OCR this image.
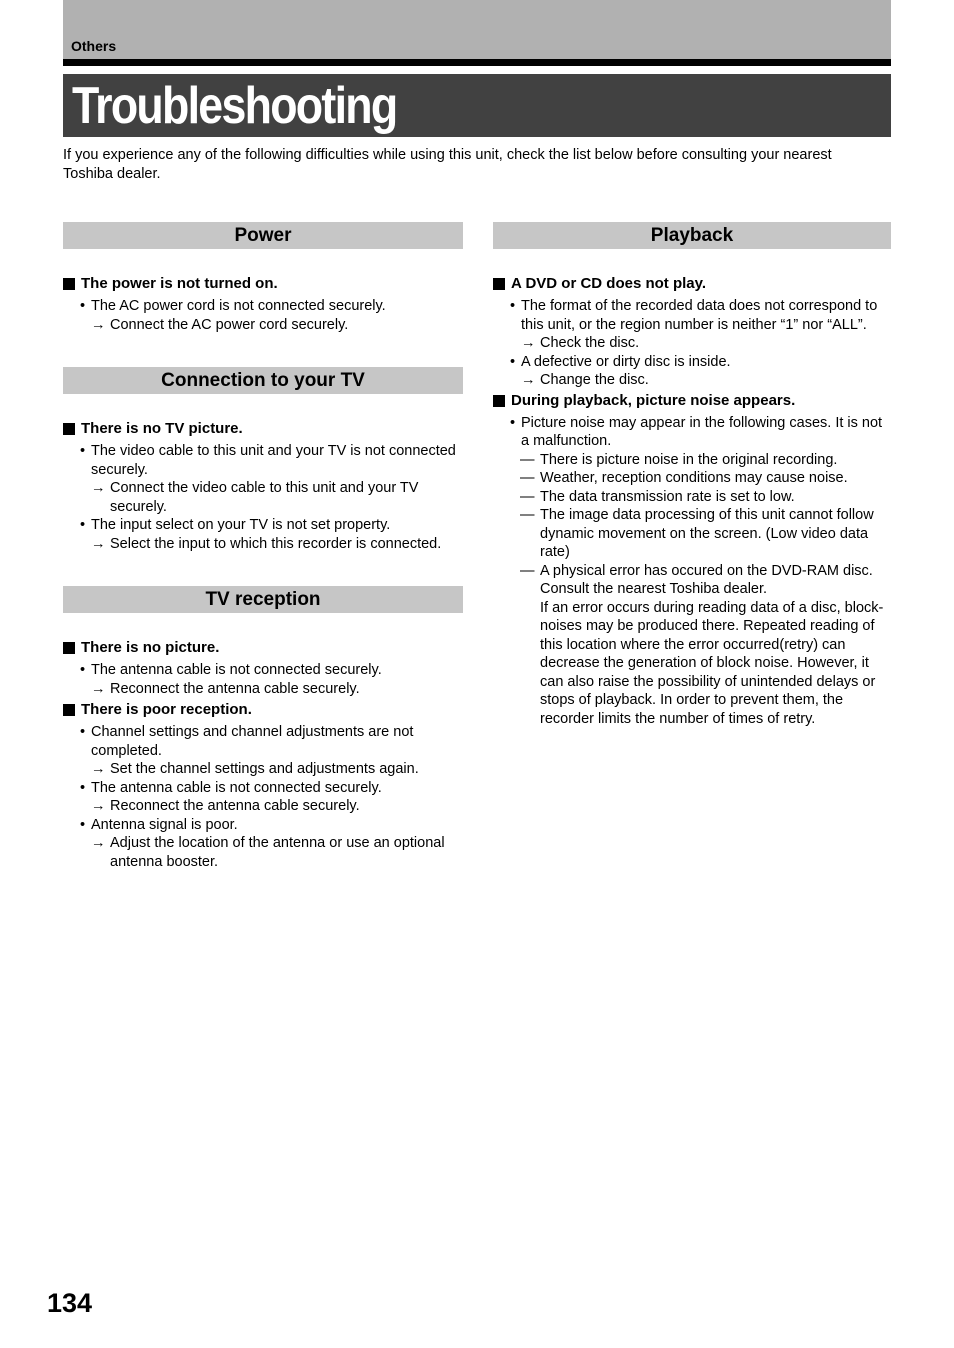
Others
Troubleshooting

If you experience any of the following difficulties while using this unit, check the list below before consulting your nearest Toshiba dealer.

Power

The power is not turned on.

• The AC power cord is not connected securely.

→ Connect the AC power cord securely.

Connection to your TV

There is no TV picture.

• The video cable to this unit and your TV is not connected securely.

→ Connect the video cable to this unit and your TV securely.

• The input select on your TV is not set property.

→ Select the input to which this recorder is connected.

TV reception

There is no picture.

• The antenna cable is not connected securely.

→ Reconnect the antenna cable securely.

There is poor reception.

• Channel settings and channel adjustments are not completed.

→ Set the channel settings and adjustments again.

• The antenna cable is not connected securely.

→ Reconnect the antenna cable securely.

• Antenna signal is poor.

→ Adjust the location of the antenna or use an optional antenna booster.

Playback

A DVD or CD does not play.

• The format of the recorded data does not correspond to this unit, or the region number is neither “1” nor “ALL”.

→ Check the disc.

• A defective or dirty disc is inside.

→ Change the disc.

During playback, picture noise appears.

• Picture noise may appear in the following cases. It is not a malfunction.

— There is picture noise in the original recording.

— Weather, reception conditions may cause noise.

— The data transmission rate is set to low.

— The image data processing of this unit cannot follow dynamic movement on the screen. (Low video data rate)

— A physical error has occured on the DVD-RAM disc. Consult the nearest Toshiba dealer.

If an error occurs during reading data of a disc, block-noises may be produced there. Repeated reading of this location where the error occurred(retry) can decrease the generation of block noise. However, it can also raise the possibility of unintended delays or stops of playback. In order to prevent them, the recorder limits the number of times of retry.

134
